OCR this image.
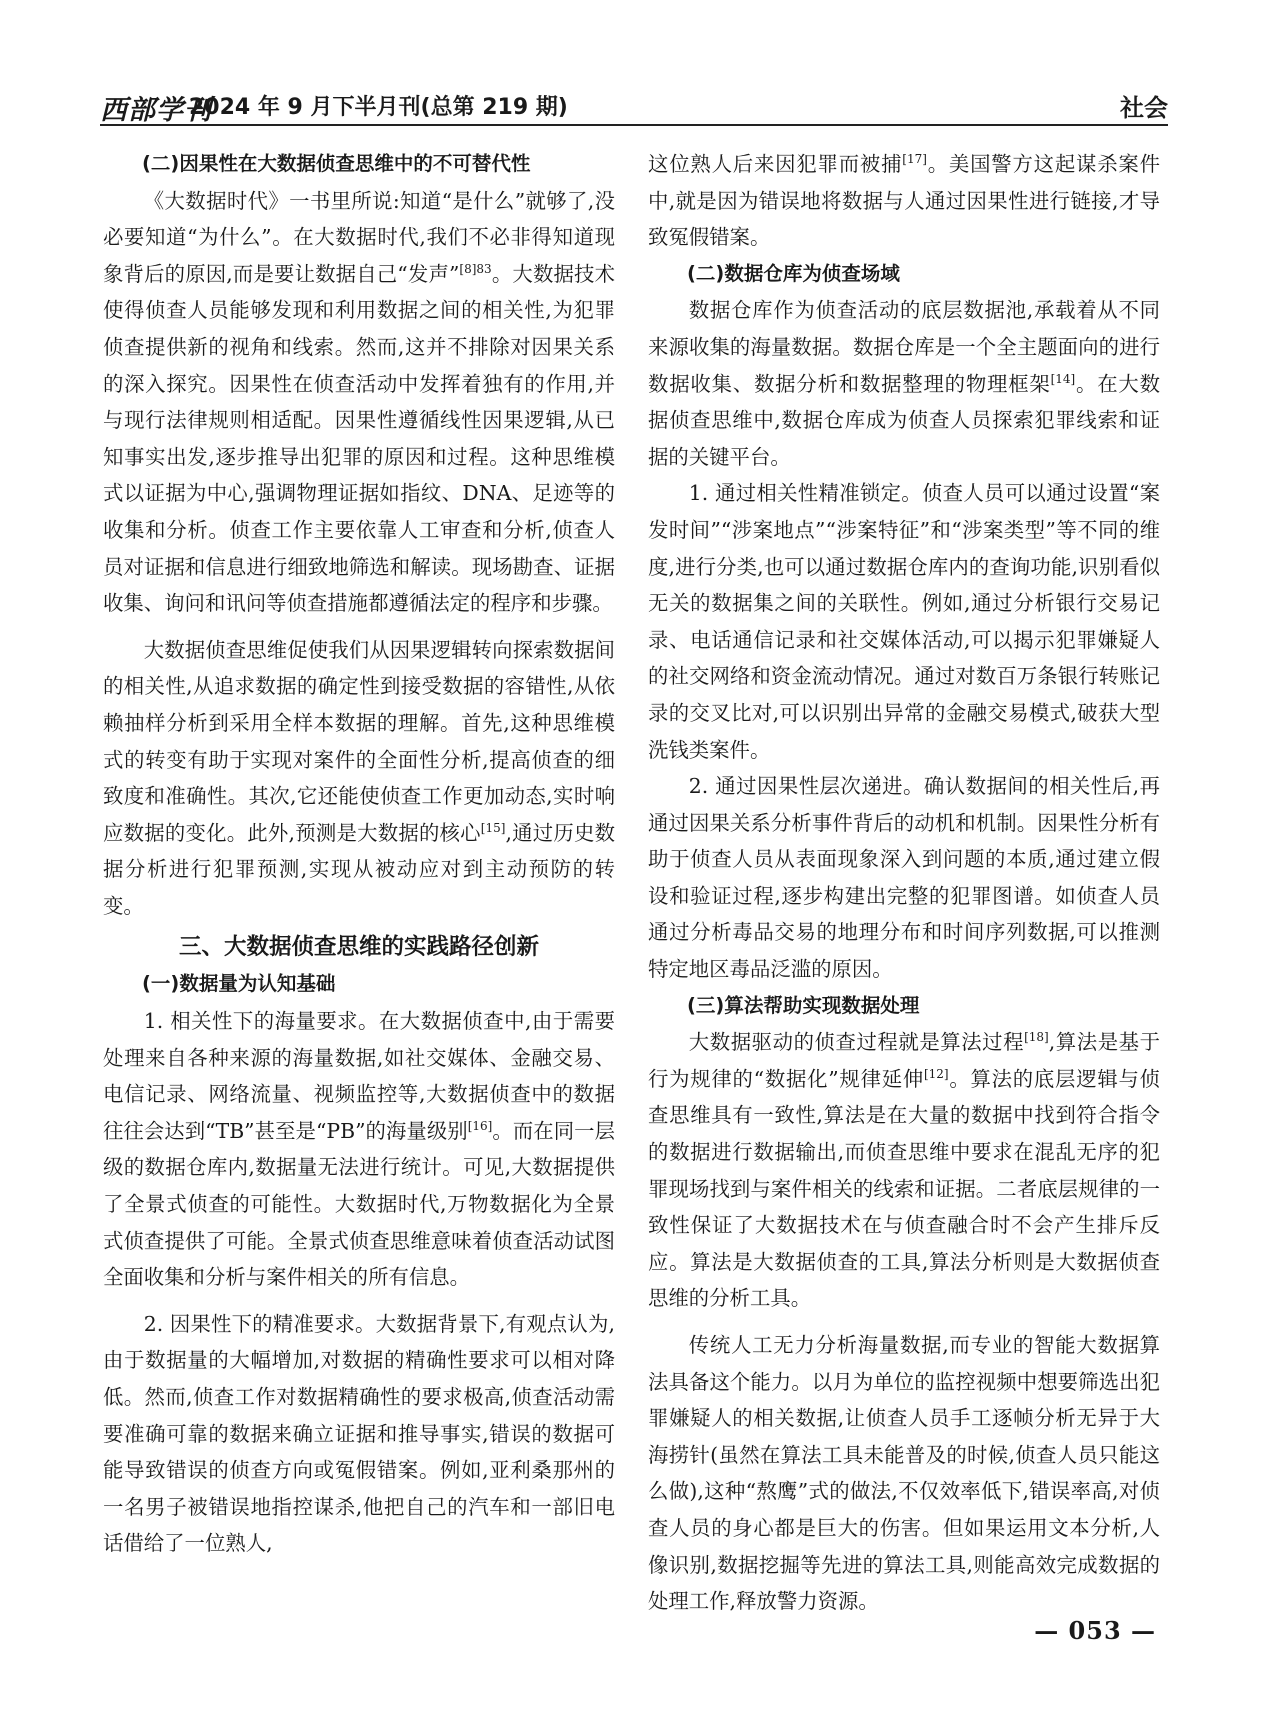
西部学刊
2024 年 9 月下半月刊(总第 219 期)	社会
(二)因果性在大数据侦查思维中的不可替代性

《大数据时代》一书里所说:知道“是什么”就够了,没必要知道“为什么”。在大数据时代,我们不必非得知道现象背后的原因,而是要让数据自己“发声”$^{[8]83}$。大数据技术使得侦查人员能够发现和利用数据之间的相关性,为犯罪侦查提供新的视角和线索。然而,这并不排除对因果关系的深入探究。因果性在侦查活动中发挥着独有的作用,并与现行法律规则相适配。因果性遵循线性因果逻辑,从已知事实出发,逐步推导出犯罪的原因和过程。这种思维模式以证据为中心,强调物理证据如指纹、DNA、足迹等的收集和分析。侦查工作主要依靠人工审查和分析,侦查人员对证据和信息进行细致地筛选和解读。现场勘查、证据收集、询问和讯问等侦查措施都遵循法定的程序和步骤。

大数据侦查思维促使我们从因果逻辑转向探索数据间的相关性,从追求数据的确定性到接受数据的容错性,从依赖抽样分析到采用全样本数据的理解。首先,这种思维模式的转变有助于实现对案件的全面性分析,提高侦查的细致度和准确性。其次,它还能使侦查工作更加动态,实时响应数据的变化。此外,预测是大数据的核心[15],通过历史数据分析进行犯罪预测,实现从被动应对到主动预防的转变。

三、大数据侦查思维的实践路径创新
(一)数据量为认知基础

1. 相关性下的海量要求。在大数据侦查中,由于需要处理来自各种来源的海量数据,如社交媒体、金融交易、电信记录、网络流量、视频监控等,大数据侦查中的数据往往会达到“TB”甚至是“PB”的海量级别[16]。而在同一层级的数据仓库内,数据量无法进行统计。可见,大数据提供了全景式侦查的可能性。大数据时代,万物数据化为全景式侦查提供了可能。全景式侦查思维意味着侦查活动试图全面收集和分析与案件相关的所有信息。

2. 因果性下的精准要求。大数据背景下,有观点认为,由于数据量的大幅增加,对数据的精确性要求可以相对降低。然而,侦查工作对数据精确性的要求极高,侦查活动需要准确可靠的数据来确立证据和推导事实,错误的数据可能导致错误的侦查方向或冤假错案。例如,亚利桑那州的一名男子被错误地指控谋杀,他把自己的汽车和一部旧电话借给了一位熟人,

这位熟人后来因犯罪而被捕[17]。美国警方这起谋杀案件中,就是因为错误地将数据与人通过因果性进行链接,才导致冤假错案。

(二)数据仓库为侦查场域

数据仓库作为侦查活动的底层数据池,承载着从不同来源收集的海量数据。数据仓库是一个全主题面向的进行数据收集、数据分析和数据整理的物理框架[14]。在大数据侦查思维中,数据仓库成为侦查人员探索犯罪线索和证据的关键平台。

1. 通过相关性精准锁定。侦查人员可以通过设置“案发时间”“涉案地点”“涉案特征”和“涉案类型”等不同的维度,进行分类,也可以通过数据仓库内的查询功能,识别看似无关的数据集之间的关联性。例如,通过分析银行交易记录、电话通信记录和社交媒体活动,可以揭示犯罪嫌疑人的社交网络和资金流动情况。通过对数百万条银行转账记录的交叉比对,可以识别出异常的金融交易模式,破获大型洗钱类案件。

2. 通过因果性层次递进。确认数据间的相关性后,再通过因果关系分析事件背后的动机和机制。因果性分析有助于侦查人员从表面现象深入到问题的本质,通过建立假设和验证过程,逐步构建出完整的犯罪图谱。如侦查人员通过分析毒品交易的地理分布和时间序列数据,可以推测特定地区毒品泛滥的原因。

(三)算法帮助实现数据处理

大数据驱动的侦查过程就是算法过程[18],算法是基于行为规律的“数据化”规律延伸[12]。算法的底层逻辑与侦查思维具有一致性,算法是在大量的数据中找到符合指令的数据进行数据输出,而侦查思维中要求在混乱无序的犯罪现场找到与案件相关的线索和证据。二者底层规律的一致性保证了大数据技术在与侦查融合时不会产生排斥反应。算法是大数据侦查的工具,算法分析则是大数据侦查思维的分析工具。

传统人工无力分析海量数据,而专业的智能大数据算法具备这个能力。以月为单位的监控视频中想要筛选出犯罪嫌疑人的相关数据,让侦查人员手工逐帧分析无异于大海捞针(虽然在算法工具未能普及的时候,侦查人员只能这么做),这种“熬鹰”式的做法,不仅效率低下,错误率高,对侦查人员的身心都是巨大的伤害。但如果运用文本分析,人像识别,数据挖掘等先进的算法工具,则能高效完成数据的处理工作,释放警力资源。

— 053 —
